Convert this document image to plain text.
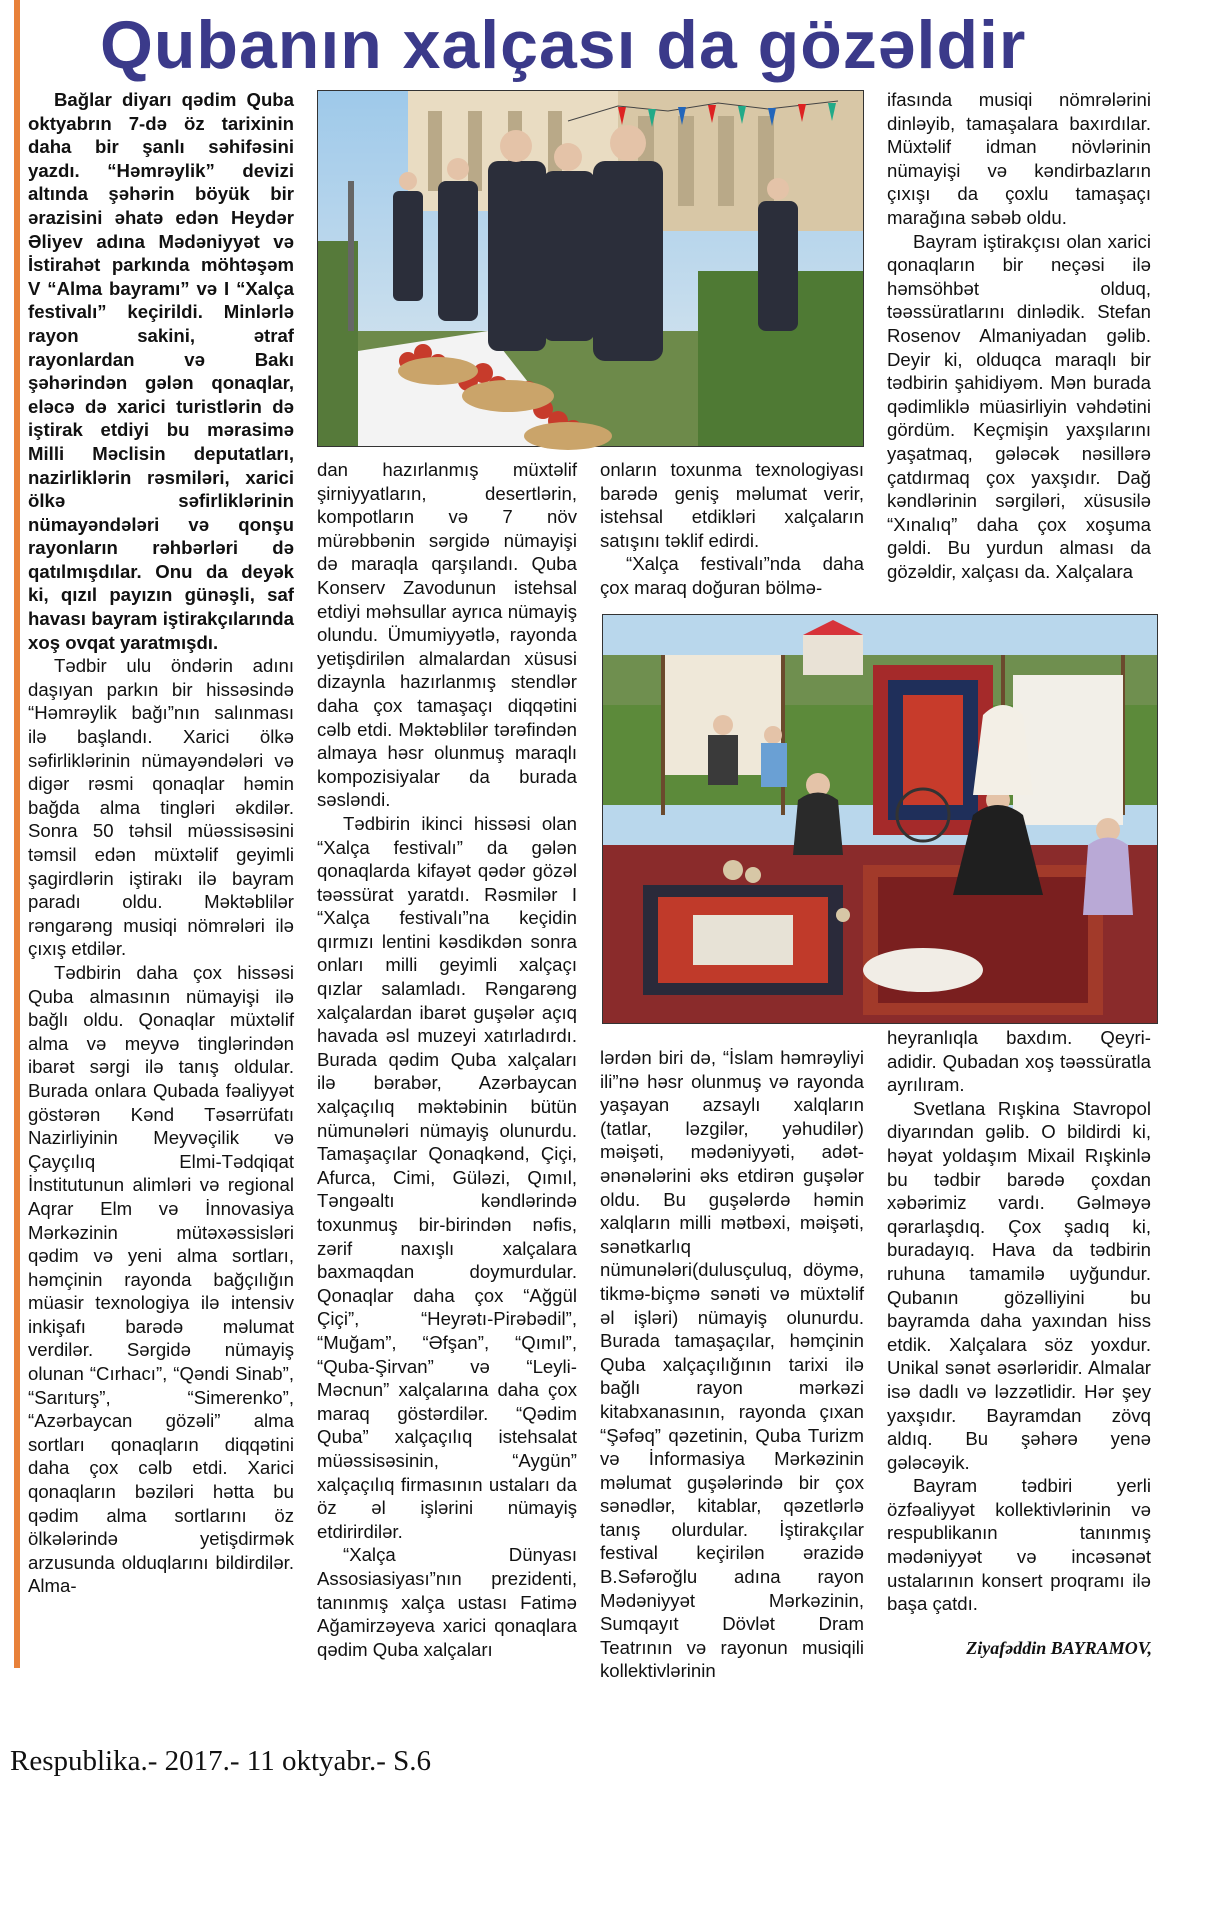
Qubanın xalçası da gözəldir

Bağlar diyarı qədim Quba oktyabrın 7-də öz tarixinin daha bir şanlı səhifəsini yazdı. “Həmrəylik” devizi altında şəhərin böyük bir ərazisini əhatə edən Heydər Əliyev adına Mədəniyyət və İstirahət parkında möhtəşəm V “Alma bayramı” və I “Xalça festivalı” keçirildi. Minlərlə rayon sakini, ətraf rayonlardan və Bakı şəhərindən gələn qonaqlar, eləcə də xarici turistlərin də iştirak etdiyi bu mərasimə Milli Məclisin deputatları, nazirliklərin rəsmiləri, xarici ölkə səfirliklərinin nümayəndələri və qonşu rayonların rəhbərləri də qatılmışdılar. Onu da deyək ki, qızıl payızın günəşli, saf havası bayram iştirakçılarında xoş ovqat yaratmışdı.

Tədbir ulu öndərin adını daşıyan parkın bir hissəsində “Həmrəylik bağı”nın salınması ilə başlandı. Xarici ölkə səfirliklərinin nümayəndələri və digər rəsmi qonaqlar həmin bağda alma tingləri əkdilər. Sonra 50 təhsil müəssisəsini təmsil edən müxtəlif geyimli şagirdlərin iştirakı ilə bayram paradı oldu. Məktəblilər rəngarəng musiqi nömrələri ilə çıxış etdilər.

Tədbirin daha çox hissəsi Quba almasının nümayişi ilə bağlı oldu. Qonaqlar müxtəlif alma və meyvə tinglərindən ibarət sərgi ilə tanış oldular. Burada onlara Qubada fəaliyyət göstərən Kənd Təsərrüfatı Nazirliyinin Meyvəçilik və Çayçılıq Elmi-Tədqiqat İnstitutunun alimləri və regional Aqrar Elm və İnnovasiya Mərkəzinin mütəxəssisləri qədim və yeni alma sortları, həmçinin rayonda bağçılığın müasir texnologiya ilə intensiv inkişafı barədə məlumat verdilər. Sərgidə nümayiş olunan “Cırhacı”, “Qəndi Sinab”, “Sarıturş”, “Simerenko”, “Azərbaycan gözəli” alma sortları qonaqların diqqətini daha çox cəlb etdi. Xarici qonaqların bəziləri hətta bu qədim alma sortlarını öz ölkələrində yetişdirmək arzusunda olduqlarını bildirdilər. Alma-

dan hazırlanmış müxtəlif şirniyyatların, desertlərin, kompotların və 7 növ mürəbbənin sərgidə nümayişi də maraqla qarşılandı. Quba Konserv Zavodunun istehsal etdiyi məhsullar ayrıca nümayiş olundu. Ümumiyyətlə, rayonda yetişdirilən almalardan xüsusi dizaynla hazırlanmış stendlər daha çox tamaşaçı diqqətini cəlb etdi. Məktəblilər tərəfindən almaya həsr olunmuş maraqlı kompozisiyalar da burada səsləndi.

Tədbirin ikinci hissəsi olan “Xalça festivalı” da gələn qonaqlarda kifayət qədər gözəl təəssürat yaratdı. Rəsmilər I “Xalça festivalı”na keçidin qırmızı lentini kəsdikdən sonra onları milli geyimli xalçaçı qızlar salamladı. Rəngarəng xalçalardan ibarət guşələr açıq havada əsl muzeyi xatırladırdı. Burada qədim Quba xalçaları ilə bərabər, Azərbaycan xalçaçılıq məktəbinin bütün nümunələri nümayiş olunurdu. Tamaşaçılar Qonaqkənd, Çiçi, Afurca, Cimi, Güləzi, Qımıl, Təngəaltı kəndlərində toxunmuş bir-birindən nəfis, zərif naxışlı xalçalara baxmaqdan doymurdular. Qonaqlar daha çox “Ağgül Çiçi”, “Heyrətı-Pirəbədil”, “Muğam”, “Əfşan”, “Qımıl”, “Quba-Şirvan” və “Leyli-Məcnun” xalçalarına daha çox maraq göstərdilər. “Qədim Quba” xalçaçılıq istehsalat müəssisəsinin, “Aygün” xalçaçılıq firmasının ustaları da öz əl işlərini nümayiş etdirirdilər.

“Xalça Dünyası Assosiasiyası”nın prezidenti, tanınmış xalça ustası Fatimə Ağamirzəyeva xarici qonaqlara qədim Quba xalçaları

onların toxunma texnologiyası barədə geniş məlumat verir, istehsal etdikləri xalçaların satışını təklif edirdi.

“Xalça festivalı”nda daha çox maraq doğuran bölmə-

ifasında musiqi nömrələrini dinləyib, tamaşalara baxırdılar. Müxtəlif idman növlərinin nümayişi və kəndirbazların çıxışı da çoxlu tamaşaçı marağına səbəb oldu.

Bayram iştirakçısı olan xarici qonaqların bir neçəsi ilə həmsöhbət olduq, təəssüratlarını dinlədik. Stefan Rosenov Almaniyadan gəlib. Deyir ki, olduqca maraqlı bir tədbirin şahidiyəm. Mən burada qədimliklə müasirliyin vəhdətini gördüm. Keçmişin yaxşılarını yaşatmaq, gələcək nəsillərə çatdırmaq çox yaxşıdır. Dağ kəndlərinin sərgiləri, xüsusilə “Xınalıq” daha çox xoşuma gəldi. Bu yurdun alması da gözəldir, xalçası da. Xalçalara

lərdən biri də, “İslam həmrəyliyi ili”nə həsr olunmuş və rayonda yaşayan azsaylı xalqların (tatlar, ləzgilər, yəhudilər) məişəti, mədəniyyəti, adət-ənənələrini əks etdirən guşələr oldu. Bu guşələrdə həmin xalqların milli mətbəxi, məişəti, sənətkarlıq nümunələri(dulusçuluq, döymə, tikmə-biçmə sənəti və müxtəlif əl işləri) nümayiş olunurdu. Burada tamaşaçılar, həmçinin Quba xalçaçılığının tarixi ilə bağlı rayon mərkəzi kitabxanasının, rayonda çıxan “Şəfəq” qəzetinin, Quba Turizm və İnformasiya Mərkəzinin məlumat guşələrində bir çox sənədlər, kitablar, qəzetlərlə tanış olurdular. İştirakçılar festival keçirilən ərazidə B.Səfəroğlu adına rayon Mədəniyyət Mərkəzinin, Sumqayıt Dövlət Dram Teatrının və rayonun musiqili kollektivlərinin

heyranlıqla baxdım. Qeyri-adidir. Qubadan xoş təəssüratla ayrılıram.

Svetlana Rışkina Stavropol diyarından gəlib. O bildirdi ki, həyat yoldaşım Mixail Rışkinlə bu tədbir barədə çoxdan xəbərimiz vardı. Gəlməyə qərarlaşdıq. Çox şadıq ki, buradayıq. Hava da tədbirin ruhuna tamamilə uyğundur. Qubanın gözəlliyini bu bayramda daha yaxından hiss etdik. Xalçalara söz yoxdur. Unikal sənət əsərləridir. Almalar isə dadlı və ləzzətlidir. Hər şey yaxşıdır. Bayramdan zövq aldıq. Bu şəhərə yenə gələcəyik.

Bayram tədbiri yerli özfəaliyyət kollektivlərinin və respublikanın tanınmış mədəniyyət və incəsənət ustalarının konsert proqramı ilə başa çatdı.

Ziyafəddin BAYRAMOV,
Respublika.- 2017.- 11 oktyabr.- S.6
